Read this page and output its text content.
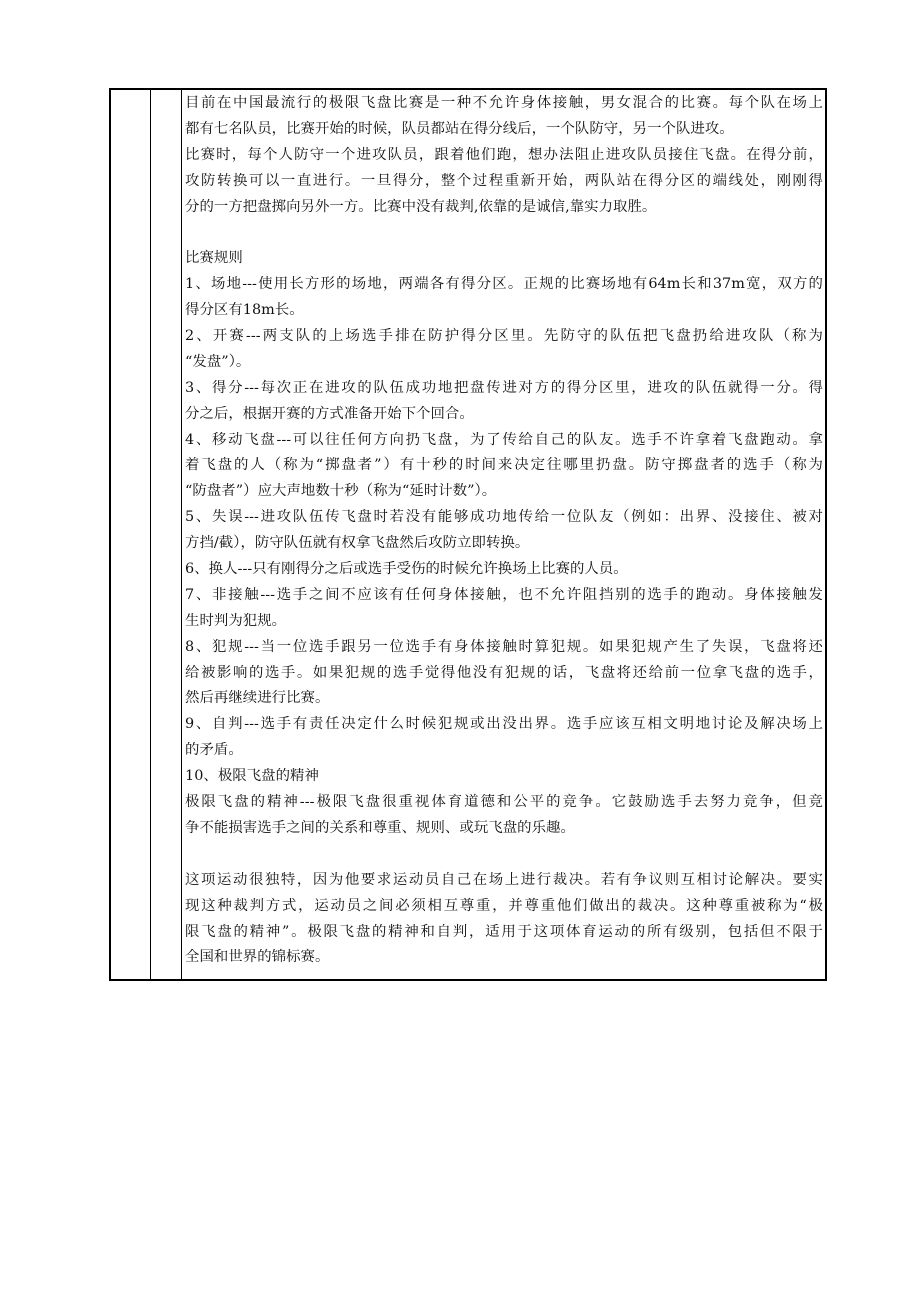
目前在中国最流行的极限飞盘比赛是一种不允许身体接触，男女混合的比赛。每个队在场上
都有七名队员，比赛开始的时候，队员都站在得分线后，一个队防守，另一个队进攻。
比赛时，每个人防守一个进攻队员，跟着他们跑，想办法阻止进攻队员接住飞盘。在得分前，
攻防转换可以一直进行。一旦得分，整个过程重新开始，两队站在得分区的端线处，刚刚得
分的一方把盘掷向另外一方。比赛中没有裁判,依靠的是诚信,靠实力取胜。
比赛规则
1、场地---使用长方形的场地，两端各有得分区。正规的比赛场地有64m长和37m宽，双方的
得分区有18m长。
2、开赛---两支队的上场选手排在防护得分区里。先防守的队伍把飞盘扔给进攻队（称为
“发盘”）。
3、得分---每次正在进攻的队伍成功地把盘传进对方的得分区里，进攻的队伍就得一分。得
分之后，根据开赛的方式准备开始下个回合。
4、移动飞盘---可以往任何方向扔飞盘，为了传给自己的队友。选手不许拿着飞盘跑动。拿
着飞盘的人（称为“掷盘者”）有十秒的时间来决定往哪里扔盘。防守掷盘者的选手（称为
“防盘者”）应大声地数十秒（称为“延时计数”）。
5、失误---进攻队伍传飞盘时若没有能够成功地传给一位队友（例如：出界、没接住、被对
方挡/截），防守队伍就有权拿飞盘然后攻防立即转换。
6、换人---只有刚得分之后或选手受伤的时候允许换场上比赛的人员。
7、非接触---选手之间不应该有任何身体接触，也不允许阻挡别的选手的跑动。身体接触发
生时判为犯规。
8、犯规---当一位选手跟另一位选手有身体接触时算犯规。如果犯规产生了失误，飞盘将还
给被影响的选手。如果犯规的选手觉得他没有犯规的话，飞盘将还给前一位拿飞盘的选手，
然后再继续进行比赛。
9、自判---选手有责任决定什么时候犯规或出没出界。选手应该互相文明地讨论及解决场上
的矛盾。
10、极限飞盘的精神
极限飞盘的精神---极限飞盘很重视体育道德和公平的竞争。它鼓励选手去努力竞争，但竞
争不能损害选手之间的关系和尊重、规则、或玩飞盘的乐趣。
这项运动很独特，因为他要求运动员自己在场上进行裁决。若有争议则互相讨论解决。要实
现这种裁判方式，运动员之间必须相互尊重，并尊重他们做出的裁决。这种尊重被称为“极
限飞盘的精神”。极限飞盘的精神和自判，适用于这项体育运动的所有级别，包括但不限于
全国和世界的锦标赛。
